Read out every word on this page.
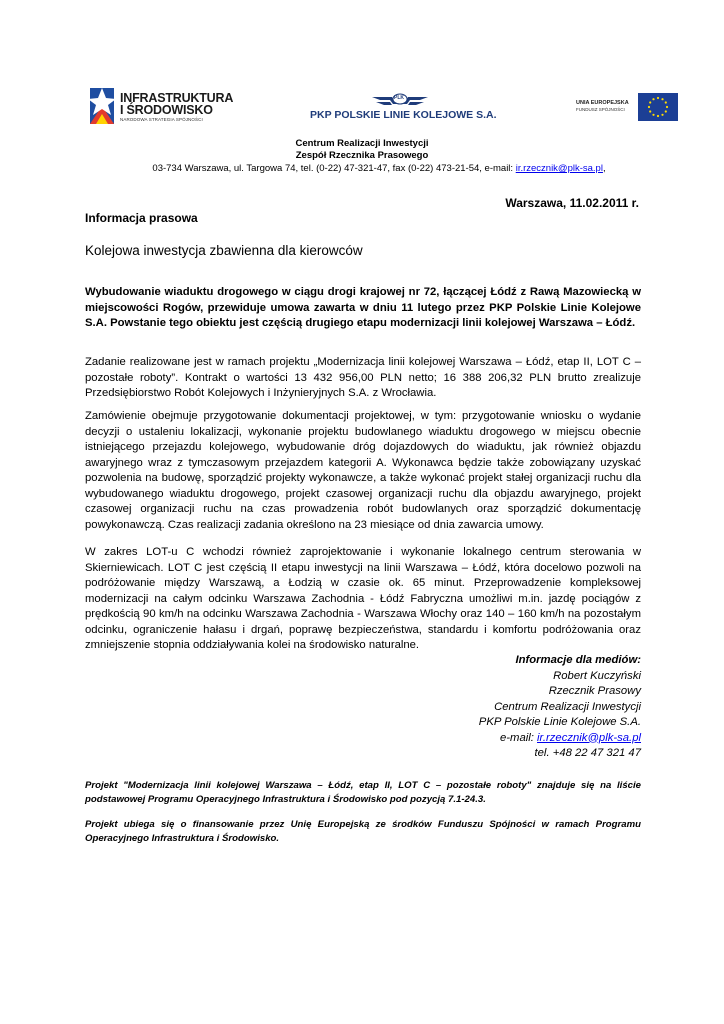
INFRASTRUKTURA
I ŚRODOWISKO
NARODOWA STRATEGIA SPÓJNOŚCI
PLK
PKP POLSKIE LINIE KOLEJOWE S.A.
UNIA EUROPEJSKA
FUNDUSZ SPÓJNOŚCI
Centrum Realizacji Inwestycji
Zespół Rzecznika Prasowego
03-734 Warszawa, ul. Targowa 74, tel. (0-22) 47-321-47, fax (0-22) 473-21-54, e-mail: ir.rzecznik@plk-sa.pl,
Warszawa, 11.02.2011 r.
Informacja prasowa
Kolejowa inwestycja zbawienna dla kierowców

Wybudowanie wiaduktu drogowego w ciągu drogi krajowej nr 72, łączącej Łódź z Rawą Mazowiecką w miejscowości Rogów, przewiduje umowa zawarta w dniu 11 lutego przez PKP Polskie Linie Kolejowe S.A. Powstanie tego obiektu jest częścią drugiego etapu modernizacji linii kolejowej Warszawa – Łódź.

Zadanie realizowane jest w ramach projektu „Modernizacja linii kolejowej Warszawa – Łódź, etap II, LOT C – pozostałe roboty”. Kontrakt o wartości 13 432 956,00 PLN netto; 16 388 206,32 PLN brutto zrealizuje Przedsiębiorstwo Robót Kolejowych i Inżynieryjnych S.A. z Wrocławia.

Zamówienie obejmuje przygotowanie dokumentacji projektowej, w tym: przygotowanie wniosku o wydanie decyzji o ustaleniu lokalizacji, wykonanie projektu budowlanego wiaduktu drogowego w miejscu obecnie istniejącego przejazdu kolejowego, wybudowanie dróg dojazdowych do wiaduktu, jak również objazdu awaryjnego wraz z tymczasowym przejazdem kategorii A. Wykonawca będzie także zobowiązany uzyskać pozwolenia na budowę, sporządzić projekty wykonawcze, a także wykonać projekt stałej organizacji ruchu dla wybudowanego wiaduktu drogowego, projekt czasowej organizacji ruchu dla objazdu awaryjnego, projekt czasowej organizacji ruchu na czas prowadzenia robót budowlanych oraz sporządzić dokumentację powykonawczą. Czas realizacji zadania określono na 23 miesiące od dnia zawarcia umowy.

W zakres LOT-u C wchodzi również zaprojektowanie i wykonanie lokalnego centrum sterowania w Skierniewicach. LOT C jest częścią II etapu inwestycji na linii Warszawa – Łódź, która docelowo pozwoli na podróżowanie między Warszawą, a Łodzią w czasie ok. 65 minut. Przeprowadzenie kompleksowej modernizacji na całym odcinku Warszawa Zachodnia - Łódź Fabryczna umożliwi m.in. jazdę pociągów z prędkością 90 km/h na odcinku Warszawa Zachodnia - Warszawa Włochy oraz 140 – 160 km/h na pozostałym odcinku, ograniczenie hałasu i drgań, poprawę bezpieczeństwa, standardu i komfortu podróżowania oraz zmniejszenie stopnia oddziaływania kolei na środowisko naturalne.

Informacje dla mediów:
Robert Kuczyński
Rzecznik Prasowy
Centrum Realizacji Inwestycji
PKP Polskie Linie Kolejowe S.A.
e-mail: ir.rzecznik@plk-sa.pl
tel. +48 22 47 321 47

Projekt "Modernizacja linii kolejowej Warszawa – Łódź, etap II, LOT C – pozostałe roboty" znajduje się na liście podstawowej Programu Operacyjnego Infrastruktura i Środowisko pod pozycją 7.1-24.3.

Projekt ubiega się o finansowanie przez Unię Europejską ze środków Funduszu Spójności w ramach Programu Operacyjnego Infrastruktura i Środowisko.
